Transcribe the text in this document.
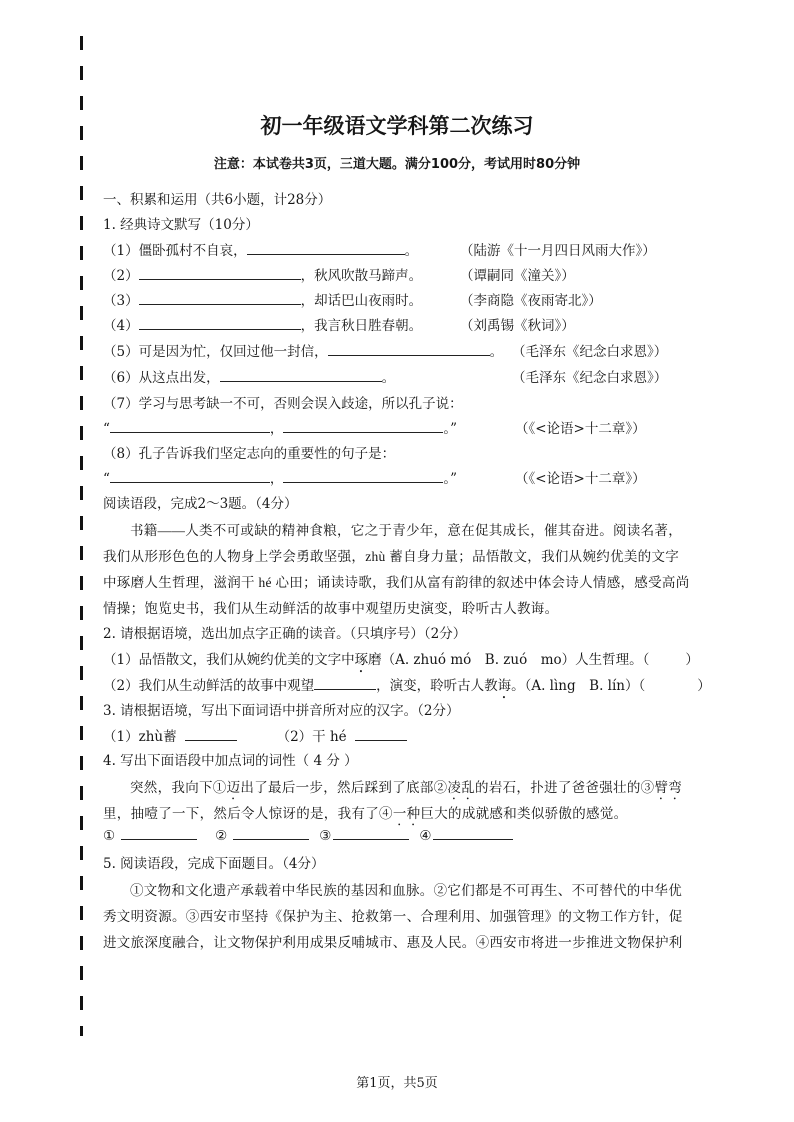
初一年级语文学科第二次练习
注意：本试卷共3页，三道大题。满分100分，考试用时80分钟
一、积累和运用（共6小题，计28分）
1. 经典诗文默写（10分）
（1）僵卧孤村不自哀，	。	（陆游《十一月四日风雨大作》）
（2）	，秋风吹散马蹄声。	（谭嗣同《潼关》）
（3）	，却话巴山夜雨时。	（李商隐《夜雨寄北》）
（4）	，我言秋日胜春朝。	（刘禹锡《秋词》）
（5）可是因为忙，仅回过他一封信，	。 （毛泽东《纪念白求恩》）
（6）从这点出发，	。	（毛泽东《纪念白求恩》）
（7）学习与思考缺一不可，否则会误入歧途，所以孔子说：
“	，	。”	（《<论语>十二章》）
（8）孔子告诉我们坚定志向的重要性的句子是：
“	，	。”	（《<论语>十二章》）
阅读语段，完成2～3题。（4分）
书籍——人类不可或缺的精神食粮，它之于青少年，意在促其成长，催其奋进。阅读名著，
我们从形形色色的人物身上学会勇敢坚强，zhù 蓄自身力量；品悟散文，我们从婉约优美的文字
中琢磨人生哲理，滋润干 hé 心田；诵读诗歌，我们从富有韵律的叙述中体会诗人情感，感受高尚
情操；饱览史书，我们从生动鲜活的故事中观望历史演变，聆听古人教诲。
2. 请根据语境，选出加点字正确的读音。（只填序号）（2分）
（1）品悟散文，我们从婉约优美的文字中琢磨（A. zhuó mó　B. zuó　mo）人生哲理。（	）
（2）我们从生动鲜活的故事中观望	，演变，聆听古人教诲。（A. lìng　B. lín）（	）
3. 请根据语境，写出下面词语中拼音所对应的汉字。（2分）
（1）zhù蓄	（2）干 hé
4. 写出下面语段中加点词的词性（ 4 分 ）
突然，我向下①迈出了最后一步，然后踩到了底部②凌乱的岩石，扑进了爸爸强壮的③臂弯
里，抽噎了一下，然后令人惊讶的是，我有了④一种巨大的成就感和类似骄傲的感觉。
①	②	③	④
5. 阅读语段，完成下面题目。（4分）
①文物和文化遗产承载着中华民族的基因和血脉。②它们都是不可再生、不可替代的中华优
秀文明资源。③西安市坚持《保护为主、抢救第一、合理利用、加强管理》的文物工作方针，促
进文旅深度融合，让文物保护利用成果反哺城市、惠及人民。④西安市将进一步推进文物保护利
第1页，共5页
